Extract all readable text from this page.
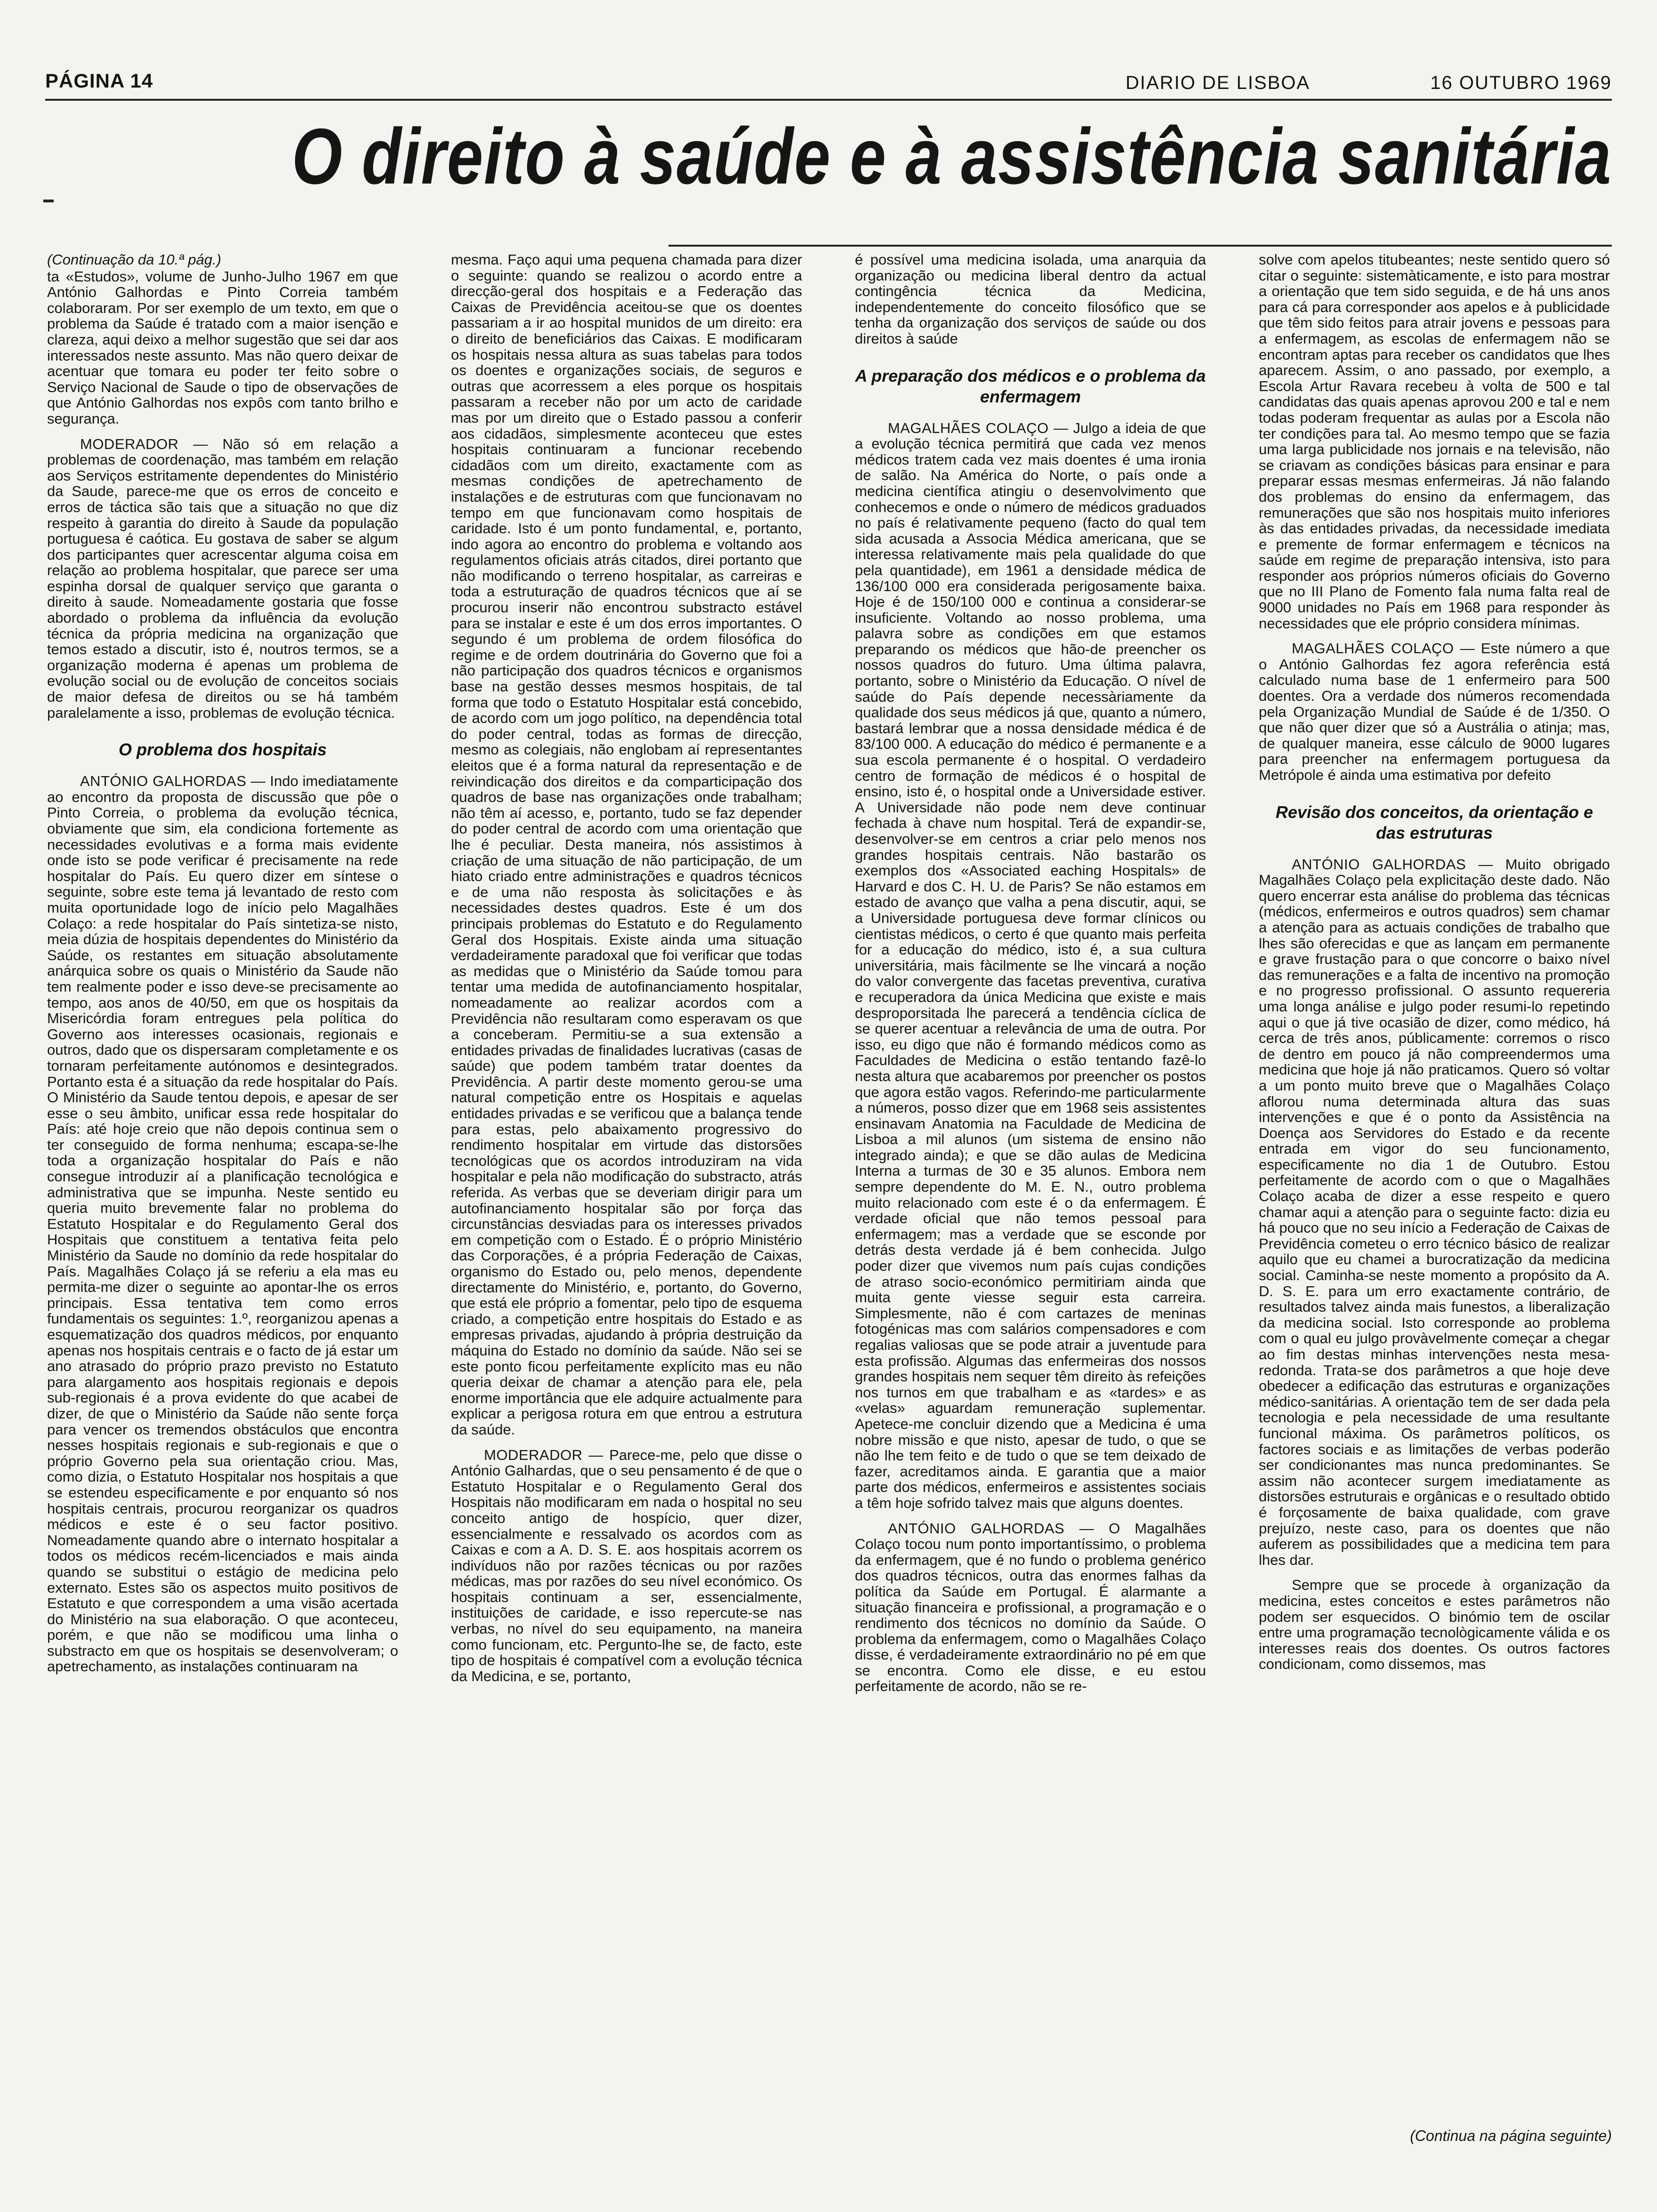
PÁGINA 14	DIARIO DE LISBOA	16 OUTUBRO 1969
O direito à saúde e à assistência sanitária

(Continuação da 10.ª pág.)

ta «Estudos», volume de Junho-Julho 1967 em que António Galhordas e Pinto Correia também colaboraram. Por ser exemplo de um texto, em que o problema da Saúde é tratado com a maior isenção e clareza, aqui deixo a melhor sugestão que sei dar aos interessados neste assunto. Mas não quero deixar de acentuar que tomara eu poder ter feito sobre o Serviço Nacional de Saude o tipo de observações de que António Galhordas nos expôs com tanto brilho e segurança.

MODERADOR — Não só em relação a problemas de coordenação, mas também em relação aos Serviços estritamente dependentes do Ministério da Saude, parece-me que os erros de conceito e erros de táctica são tais que a situação no que diz respeito à garantia do direito à Saude da população portuguesa é caótica. Eu gostava de saber se algum dos participantes quer acrescentar alguma coisa em relação ao problema hospitalar, que parece ser uma espinha dorsal de qualquer serviço que garanta o direito à saude. Nomeadamente gostaria que fosse abordado o problema da influência da evolução técnica da própria medicina na organização que temos estado a discutir, isto é, noutros termos, se a organização moderna é apenas um problema de evolução social ou de evolução de conceitos sociais de maior defesa de direitos ou se há também paralelamente a isso, problemas de evolução técnica.

O problema dos hospitais

ANTÓNIO GALHORDAS — Indo imediatamente ao encontro da proposta de discussão que pôe o Pinto Correia, o problema da evolução técnica, obviamente que sim, ela condiciona fortemente as necessidades evolutivas e a forma mais evidente onde isto se pode verificar é precisamente na rede hospitalar do País. Eu quero dizer em síntese o seguinte, sobre este tema já levantado de resto com muita oportunidade logo de início pelo Magalhães Colaço: a rede hospitalar do País sintetiza-se nisto, meia dúzia de hospitais dependentes do Ministério da Saúde, os restantes em situação absolutamente anárquica sobre os quais o Ministério da Saude não tem realmente poder e isso deve-se precisamente ao tempo, aos anos de 40/50, em que os hospitais da Misericórdia foram entregues pela política do Governo aos interesses ocasionais, regionais e outros, dado que os dispersaram completamente e os tornaram perfeitamente autónomos e desintegrados. Portanto esta é a situação da rede hospitalar do País. O Ministério da Saude tentou depois, e apesar de ser esse o seu âmbito, unificar essa rede hospitalar do País: até hoje creio que não depois continua sem o ter conseguido de forma nenhuma; escapa-se-lhe toda a organização hospitalar do País e não consegue introduzir aí a planificação tecnológica e administrativa que se impunha. Neste sentido eu queria muito brevemente falar no problema do Estatuto Hospitalar e do Regulamento Geral dos Hospitais que constituem a tentativa feita pelo Ministério da Saude no domínio da rede hospitalar do País. Magalhães Colaço já se referiu a ela mas eu permita-me dizer o seguinte ao apontar-lhe os erros principais. Essa tentativa tem como erros fundamentais os seguintes: 1.º, reorganizou apenas a esquematização dos quadros médicos, por enquanto apenas nos hospitais centrais e o facto de já estar um ano atrasado do próprio prazo previsto no Estatuto para alargamento aos hospitais regionais e depois sub-regionais é a prova evidente do que acabei de dizer, de que o Ministério da Saúde não sente força para vencer os tremendos obstáculos que encontra nesses hospitais regionais e sub-regionais e que o próprio Governo pela sua orientação criou. Mas, como dizia, o Estatuto Hospitalar nos hospitais a que se estendeu especificamente e por enquanto só nos hospitais centrais, procurou reorganizar os quadros médicos e este é o seu factor positivo. Nomeadamente quando abre o internato hospitalar a todos os médicos recém-licenciados e mais ainda quando se substitui o estágio de medicina pelo externato. Estes são os aspectos muito positivos de Estatuto e que correspondem a uma visão acertada do Ministério na sua elaboração. O que aconteceu, porém, e que não se modificou uma linha o substracto em que os hospitais se desenvolveram; o apetrechamento, as instalações continuaram na

mesma. Faço aqui uma pequena chamada para dizer o seguinte: quando se realizou o acordo entre a direcção-geral dos hospitais e a Federação das Caixas de Previdência aceitou-se que os doentes passariam a ir ao hospital munidos de um direito: era o direito de beneficiários das Caixas. E modificaram os hospitais nessa altura as suas tabelas para todos os doentes e organizações sociais, de seguros e outras que acorressem a eles porque os hospitais passaram a receber não por um acto de caridade mas por um direito que o Estado passou a conferir aos cidadãos, simplesmente aconteceu que estes hospitais continuaram a funcionar recebendo cidadãos com um direito, exactamente com as mesmas condições de apetrechamento de instalações e de estruturas com que funcionavam no tempo em que funcionavam como hospitais de caridade. Isto é um ponto fundamental, e, portanto, indo agora ao encontro do problema e voltando aos regulamentos oficiais atrás citados, direi portanto que não modificando o terreno hospitalar, as carreiras e toda a estruturação de quadros técnicos que aí se procurou inserir não encontrou substracto estável para se instalar e este é um dos erros importantes. O segundo é um problema de ordem filosófica do regime e de ordem doutrinária do Governo que foi a não participação dos quadros técnicos e organismos base na gestão desses mesmos hospitais, de tal forma que todo o Estatuto Hospitalar está concebido, de acordo com um jogo político, na dependência total do poder central, todas as formas de direcção, mesmo as colegiais, não englobam aí representantes eleitos que é a forma natural da representação e de reivindicação dos direitos e da comparticipação dos quadros de base nas organizações onde trabalham; não têm aí acesso, e, portanto, tudo se faz depender do poder central de acordo com uma orientação que lhe é peculiar. Desta maneira, nós assistimos à criação de uma situação de não participação, de um hiato criado entre administrações e quadros técnicos e de uma não resposta às solicitações e às necessidades destes quadros. Este é um dos principais problemas do Estatuto e do Regulamento Geral dos Hospitais. Existe ainda uma situação verdadeiramente paradoxal que foi verificar que todas as medidas que o Ministério da Saúde tomou para tentar uma medida de autofinanciamento hospitalar, nomeadamente ao realizar acordos com a Previdência não resultaram como esperavam os que a conceberam. Permitiu-se a sua extensão a entidades privadas de finalidades lucrativas (casas de saúde) que podem também tratar doentes da Previdência. A partir deste momento gerou-se uma natural competição entre os Hospitais e aquelas entidades privadas e se verificou que a balança tende para estas, pelo abaixamento progressivo do rendimento hospitalar em virtude das distorsões tecnológicas que os acordos introduziram na vida hospitalar e pela não modificação do substracto, atrás referida. As verbas que se deveriam dirigir para um autofinanciamento hospitalar são por força das circunstâncias desviadas para os interesses privados em competição com o Estado. É o próprio Ministério das Corporações, é a própria Federação de Caixas, organismo do Estado ou, pelo menos, dependente directamente do Ministério, e, portanto, do Governo, que está ele próprio a fomentar, pelo tipo de esquema criado, a competição entre hospitais do Estado e as empresas privadas, ajudando à própria destruição da máquina do Estado no domínio da saúde. Não sei se este ponto ficou perfeitamente explícito mas eu não queria deixar de chamar a atenção para ele, pela enorme importância que ele adquire actualmente para explicar a perigosa rotura em que entrou a estrutura da saúde.

MODERADOR — Parece-me, pelo que disse o António Galhardas, que o seu pensamento é de que o Estatuto Hospitalar e o Regulamento Geral dos Hospitais não modificaram em nada o hospital no seu conceito antigo de hospício, quer dizer, essencialmente e ressalvado os acordos com as Caixas e com a A. D. S. E. aos hospitais acorrem os indivíduos não por razões técnicas ou por razões médicas, mas por razões do seu nível económico. Os hospitais continuam a ser, essencialmente, instituições de caridade, e isso repercute-se nas verbas, no nível do seu equipamento, na maneira como funcionam, etc. Pergunto-lhe se, de facto, este tipo de hospitais é compatível com a evolução técnica da Medicina, e se, portanto,

é possível uma medicina isolada, uma anarquia da organização ou medicina liberal dentro da actual contingência técnica da Medicina, independentemente do conceito filosófico que se tenha da organização dos serviços de saúde ou dos direitos à saúde

A preparação dos médicos e o problema da enfermagem

MAGALHÃES COLAÇO — Julgo a ideia de que a evolução técnica permitirá que cada vez menos médicos tratem cada vez mais doentes é uma ironia de salão. Na América do Norte, o país onde a medicina científica atingiu o desenvolvimento que conhecemos e onde o número de médicos graduados no país é relativamente pequeno (facto do qual tem sida acusada a Associa Médica americana, que se interessa relativamente mais pela qualidade do que pela quantidade), em 1961 a densidade médica de 136/100 000 era considerada perigosamente baixa. Hoje é de 150/100 000 e continua a considerar-se insuficiente. Voltando ao nosso problema, uma palavra sobre as condições em que estamos preparando os médicos que hão-de preencher os nossos quadros do futuro. Uma última palavra, portanto, sobre o Ministério da Educação. O nível de saúde do País depende necessàriamente da qualidade dos seus médicos já que, quanto a número, bastará lembrar que a nossa densidade médica é de 83/100 000. A educação do médico é permanente e a sua escola permanente é o hospital. O verdadeiro centro de formação de médicos é o hospital de ensino, isto é, o hospital onde a Universidade estiver. A Universidade não pode nem deve continuar fechada à chave num hospital. Terá de expandir-se, desenvolver-se em centros a criar pelo menos nos grandes hospitais centrais. Não bastarão os exemplos dos «Associated eaching Hospitals» de Harvard e dos C. H. U. de Paris? Se não estamos em estado de avanço que valha a pena discutir, aqui, se a Universidade portuguesa deve formar clínicos ou cientistas médicos, o certo é que quanto mais perfeita for a educação do médico, isto é, a sua cultura universitária, mais fàcilmente se lhe vincará a noção do valor convergente das facetas preventiva, curativa e recuperadora da única Medicina que existe e mais desproporsitada lhe parecerá a tendência cíclica de se querer acentuar a relevância de uma de outra. Por isso, eu digo que não é formando médicos como as Faculdades de Medicina o estão tentando fazê-lo nesta altura que acabaremos por preencher os postos que agora estão vagos. Referindo-me particularmente a números, posso dizer que em 1968 seis assistentes ensinavam Anatomia na Faculdade de Medicina de Lisboa a mil alunos (um sistema de ensino não integrado ainda); e que se dão aulas de Medicina Interna a turmas de 30 e 35 alunos. Embora nem sempre dependente do M. E. N., outro problema muito relacionado com este é o da enfermagem. É verdade oficial que não temos pessoal para enfermagem; mas a verdade que se esconde por detrás desta verdade já é bem conhecida. Julgo poder dizer que vivemos num país cujas condições de atraso socio-económico permitiriam ainda que muita gente viesse seguir esta carreira. Simplesmente, não é com cartazes de meninas fotogénicas mas com salários compensadores e com regalias valiosas que se pode atrair a juventude para esta profissão. Algumas das enfermeiras dos nossos grandes hospitais nem sequer têm direito às refeições nos turnos em que trabalham e as «tardes» e as «velas» aguardam remuneração suplementar. Apetece-me concluir dizendo que a Medicina é uma nobre missão e que nisto, apesar de tudo, o que se não lhe tem feito e de tudo o que se tem deixado de fazer, acreditamos ainda. E garantia que a maior parte dos médicos, enfermeiros e assistentes sociais a têm hoje sofrido talvez mais que alguns doentes.

ANTÓNIO GALHORDAS — O Magalhães Colaço tocou num ponto importantíssimo, o problema da enfermagem, que é no fundo o problema genérico dos quadros técnicos, outra das enormes falhas da política da Saúde em Portugal. É alarmante a situação financeira e profissional, a programação e o rendimento dos técnicos no domínio da Saúde. O problema da enfermagem, como o Magalhães Colaço disse, é verdadeiramente extraordinário no pé em que se encontra. Como ele disse, e eu estou perfeitamente de acordo, não se re-

solve com apelos titubeantes; neste sentido quero só citar o seguinte: sistemàticamente, e isto para mostrar a orientação que tem sido seguida, e de há uns anos para cá para corresponder aos apelos e à publicidade que têm sido feitos para atrair jovens e pessoas para a enfermagem, as escolas de enfermagem não se encontram aptas para receber os candidatos que lhes aparecem. Assim, o ano passado, por exemplo, a Escola Artur Ravara recebeu à volta de 500 e tal candidatas das quais apenas aprovou 200 e tal e nem todas poderam frequentar as aulas por a Escola não ter condições para tal. Ao mesmo tempo que se fazia uma larga publicidade nos jornais e na televisão, não se criavam as condições básicas para ensinar e para preparar essas mesmas enfermeiras. Já não falando dos problemas do ensino da enfermagem, das remunerações que são nos hospitais muito inferiores às das entidades privadas, da necessidade imediata e premente de formar enfermagem e técnicos na saúde em regime de preparação intensiva, isto para responder aos próprios números oficiais do Governo que no III Plano de Fomento fala numa falta real de 9000 unidades no País em 1968 para responder às necessidades que ele próprio considera mínimas.

MAGALHÃES COLAÇO — Este número a que o António Galhordas fez agora referência está calculado numa base de 1 enfermeiro para 500 doentes. Ora a verdade dos números recomendada pela Organização Mundial de Saúde é de 1/350. O que não quer dizer que só a Austrália o atinja; mas, de qualquer maneira, esse cálculo de 9000 lugares para preencher na enfermagem portuguesa da Metrópole é ainda uma estimativa por defeito

Revisão dos conceitos, da orientação e das estruturas

ANTÓNIO GALHORDAS — Muito obrigado Magalhães Colaço pela explicitação deste dado. Não quero encerrar esta análise do problema das técnicas (médicos, enfermeiros e outros quadros) sem chamar a atenção para as actuais condições de trabalho que lhes são oferecidas e que as lançam em permanente e grave frustação para o que concorre o baixo nível das remunerações e a falta de incentivo na promoção e no progresso profissional. O assunto requereria uma longa análise e julgo poder resumi-lo repetindo aqui o que já tive ocasião de dizer, como médico, há cerca de três anos, públicamente: corremos o risco de dentro em pouco já não compreendermos uma medicina que hoje já não praticamos. Quero só voltar a um ponto muito breve que o Magalhães Colaço aflorou numa determinada altura das suas intervenções e que é o ponto da Assistência na Doença aos Servidores do Estado e da recente entrada em vigor do seu funcionamento, especificamente no dia 1 de Outubro. Estou perfeitamente de acordo com o que o Magalhães Colaço acaba de dizer a esse respeito e quero chamar aqui a atenção para o seguinte facto: dizia eu há pouco que no seu início a Federação de Caixas de Previdência cometeu o erro técnico básico de realizar aquilo que eu chamei a burocratização da medicina social. Caminha-se neste momento a propósito da A. D. S. E. para um erro exactamente contrário, de resultados talvez ainda mais funestos, a liberalização da medicina social. Isto corresponde ao problema com o qual eu julgo provàvelmente começar a chegar ao fim destas minhas intervenções nesta mesa-redonda. Trata-se dos parâmetros a que hoje deve obedecer a edificação das estruturas e organizações médico-sanitárias. A orientação tem de ser dada pela tecnologia e pela necessidade de uma resultante funcional máxima. Os parâmetros políticos, os factores sociais e as limitações de verbas poderão ser condicionantes mas nunca predominantes. Se assim não acontecer surgem imediatamente as distorsões estruturais e orgânicas e o resultado obtido é forçosamente de baixa qualidade, com grave prejuízo, neste caso, para os doentes que não auferem as possibilidades que a medicina tem para lhes dar.

Sempre que se procede à organização da medicina, estes conceitos e estes parâmetros não podem ser esquecidos. O binómio tem de oscilar entre uma programação tecnològicamente válida e os interesses reais dos doentes. Os outros factores condicionam, como dissemos, mas

(Continua na página seguinte)
